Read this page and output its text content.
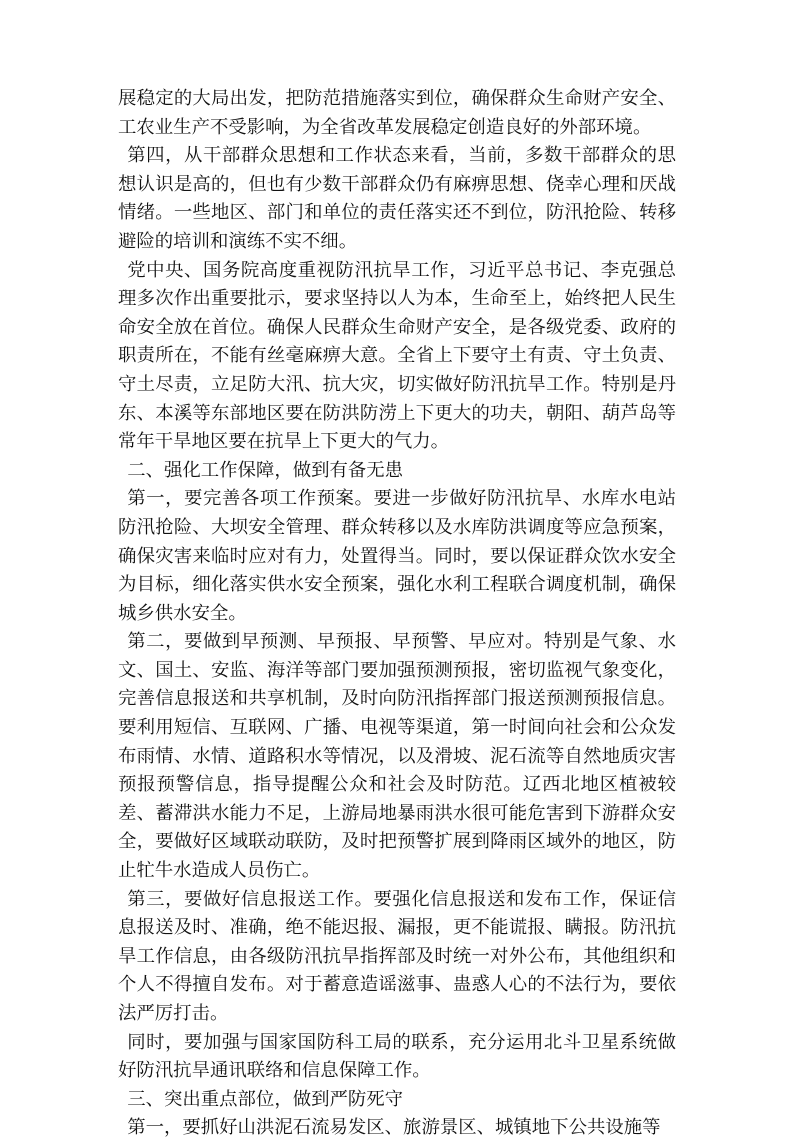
展稳定的大局出发，把防范措施落实到位，确保群众生命财产安全、工农业生产不受影响，为全省改革发展稳定创造良好的外部环境。

第四，从干部群众思想和工作状态来看，当前，多数干部群众的思想认识是高的，但也有少数干部群众仍有麻痹思想、侥幸心理和厌战情绪。一些地区、部门和单位的责任落实还不到位，防汛抢险、转移避险的培训和演练不实不细。

党中央、国务院高度重视防汛抗旱工作，习近平总书记、李克强总理多次作出重要批示，要求坚持以人为本，生命至上，始终把人民生命安全放在首位。确保人民群众生命财产安全，是各级党委、政府的职责所在，不能有丝毫麻痹大意。全省上下要守土有责、守土负责、守土尽责，立足防大汛、抗大灾，切实做好防汛抗旱工作。特别是丹东、本溪等东部地区要在防洪防涝上下更大的功夫，朝阳、葫芦岛等常年干旱地区要在抗旱上下更大的气力。

二、强化工作保障，做到有备无患

第一，要完善各项工作预案。要进一步做好防汛抗旱、水库水电站防汛抢险、大坝安全管理、群众转移以及水库防洪调度等应急预案，确保灾害来临时应对有力，处置得当。同时，要以保证群众饮水安全为目标，细化落实供水安全预案，强化水利工程联合调度机制，确保城乡供水安全。

第二，要做到早预测、早预报、早预警、早应对。特别是气象、水文、国土、安监、海洋等部门要加强预测预报，密切监视气象变化，完善信息报送和共享机制，及时向防汛指挥部门报送预测预报信息。要利用短信、互联网、广播、电视等渠道，第一时间向社会和公众发布雨情、水情、道路积水等情况，以及滑坡、泥石流等自然地质灾害预报预警信息，指导提醒公众和社会及时防范。辽西北地区植被较差、蓄滞洪水能力不足，上游局地暴雨洪水很可能危害到下游群众安全，要做好区域联动联防，及时把预警扩展到降雨区域外的地区，防止牤牛水造成人员伤亡。

第三，要做好信息报送工作。要强化信息报送和发布工作，保证信息报送及时、准确，绝不能迟报、漏报，更不能谎报、瞒报。防汛抗旱工作信息，由各级防汛抗旱指挥部及时统一对外公布，其他组织和个人不得擅自发布。对于蓄意造谣滋事、蛊惑人心的不法行为，要依法严厉打击。

同时，要加强与国家国防科工局的联系，充分运用北斗卫星系统做好防汛抗旱通讯联络和信息保障工作。

三、突出重点部位，做到严防死守

第一，要抓好山洪泥石流易发区、旅游景区、城镇地下公共设施等
